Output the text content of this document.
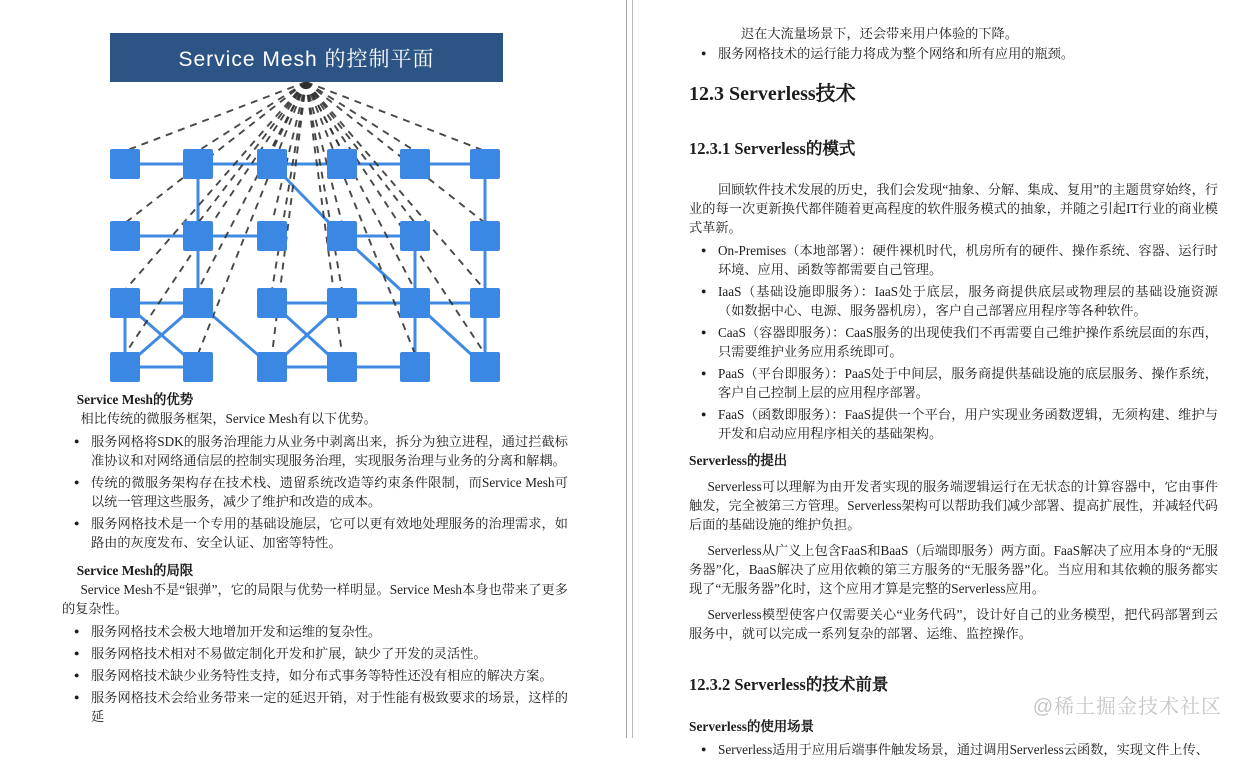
Service Mesh 的控制平面
Service Mesh的优势

相比传统的微服务框架，Service Mesh有以下优势。

● 服务网格将SDK的服务治理能力从业务中剥离出来，拆分为独立进程，通过拦截标准协议和对网络通信层的控制实现服务治理，实现服务治理与业务的分离和解耦。
● 传统的微服务架构存在技术栈、遗留系统改造等约束条件限制，而Service Mesh可以统一管理这些服务，减少了维护和改造的成本。
● 服务网格技术是一个专用的基础设施层，它可以更有效地处理服务的治理需求，如路由的灰度发布、安全认证、加密等特性。
Service Mesh的局限

Service Mesh不是“银弹”，它的局限与优势一样明显。Service Mesh本身也带来了更多的复杂性。

● 服务网格技术会极大地增加开发和运维的复杂性。
● 服务网格技术相对不易做定制化开发和扩展，缺少了开发的灵活性。
● 服务网格技术缺少业务特性支持，如分布式事务等特性还没有相应的解决方案。
● 服务网格技术会给业务带来一定的延迟开销，对于性能有极致要求的场景，这样的延
迟在大流量场景下，还会带来用户体验的下降。
● 服务网格技术的运行能力将成为整个网络和所有应用的瓶颈。
12.3 Serverless技术
12.3.1 Serverless的模式

回顾软件技术发展的历史，我们会发现“抽象、分解、集成、复用”的主题贯穿始终，行业的每一次更新换代都伴随着更高程度的软件服务模式的抽象，并随之引起IT行业的商业模式革新。

● On-Premises（本地部署）：硬件裸机时代，机房所有的硬件、操作系统、容器、运行时环境、应用、函数等都需要自己管理。
● IaaS（基础设施即服务）：IaaS处于底层，服务商提供底层或物理层的基础设施资源（如数据中心、电源、服务器机房），客户自己部署应用程序等各种软件。
● CaaS（容器即服务）：CaaS服务的出现使我们不再需要自己维护操作系统层面的东西，只需要维护业务应用系统即可。
● PaaS（平台即服务）：PaaS处于中间层，服务商提供基础设施的底层服务、操作系统，客户自己控制上层的应用程序部署。
● FaaS（函数即服务）：FaaS提供一个平台，用户实现业务函数逻辑，无须构建、维护与开发和启动应用程序相关的基础架构。
Serverless的提出

Serverless可以理解为由开发者实现的服务端逻辑运行在无状态的计算容器中，它由事件触发，完全被第三方管理。Serverless架构可以帮助我们减少部署、提高扩展性，并减轻代码后面的基础设施的维护负担。

Serverless从广义上包含FaaS和BaaS（后端即服务）两方面。FaaS解决了应用本身的“无服务器”化，BaaS解决了应用依赖的第三方服务的“无服务器”化。当应用和其依赖的服务都实现了“无服务器”化时，这个应用才算是完整的Serverless应用。

Serverless模型使客户仅需要关心“业务代码”，设计好自己的业务模型，把代码部署到云服务中，就可以完成一系列复杂的部署、运维、监控操作。

12.3.2 Serverless的技术前景
Serverless的使用场景
● Serverless适用于应用后端事件触发场景，通过调用Serverless云函数，实现文件上传、
@稀土掘金技术社区
